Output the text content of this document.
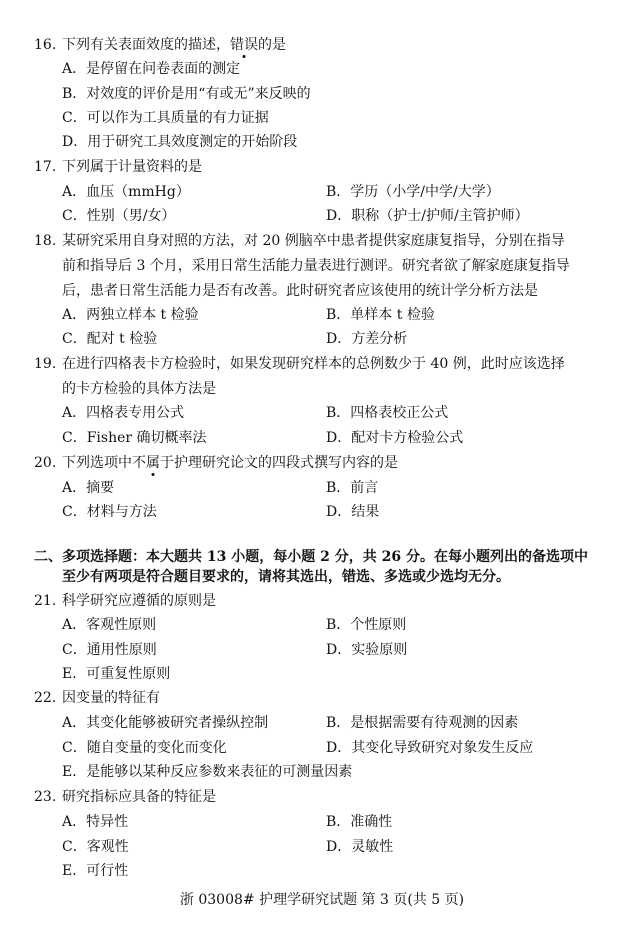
16. 下列有关表面效度的描述，错误的是
A．是停留在问卷表面的测定
B．对效度的评价是用“有或无”来反映的
C．可以作为工具质量的有力证据
D．用于研究工具效度测定的开始阶段
17. 下列属于计量资料的是
A．血压（mmHg）	B．学历（小学/中学/大学）
C．性别（男/女）	D．职称（护士/护师/主管护师）
18. 某研究采用自身对照的方法，对 20 例脑卒中患者提供家庭康复指导，分别在指导
前和指导后 3 个月，采用日常生活能力量表进行测评。研究者欲了解家庭康复指导
后，患者日常生活能力是否有改善。此时研究者应该使用的统计学分析方法是
A．两独立样本 t 检验	B．单样本 t 检验
C．配对 t 检验	D．方差分析
19. 在进行四格表卡方检验时，如果发现研究样本的总例数少于 40 例，此时应该选择
的卡方检验的具体方法是
A．四格表专用公式	B．四格表校正公式
C．Fisher 确切概率法	D．配对卡方检验公式
20. 下列选项中不属于护理研究论文的四段式撰写内容的是
A．摘要	B．前言
C．材料与方法	D．结果
二、多项选择题：本大题共 13 小题，每小题 2 分，共 26 分。在每小题列出的备选项中
至少有两项是符合题目要求的，请将其选出，错选、多选或少选均无分。
21. 科学研究应遵循的原则是
A．客观性原则	B．个性原则
C．通用性原则	D．实验原则
E．可重复性原则
22. 因变量的特征有
A．其变化能够被研究者操纵控制	B．是根据需要有待观测的因素
C．随自变量的变化而变化	D．其变化导致研究对象发生反应
E．是能够以某种反应参数来表征的可测量因素
23. 研究指标应具备的特征是
A．特异性	B．准确性
C．客观性	D．灵敏性
E．可行性
浙 03008# 护理学研究试题 第 3 页(共 5 页)
